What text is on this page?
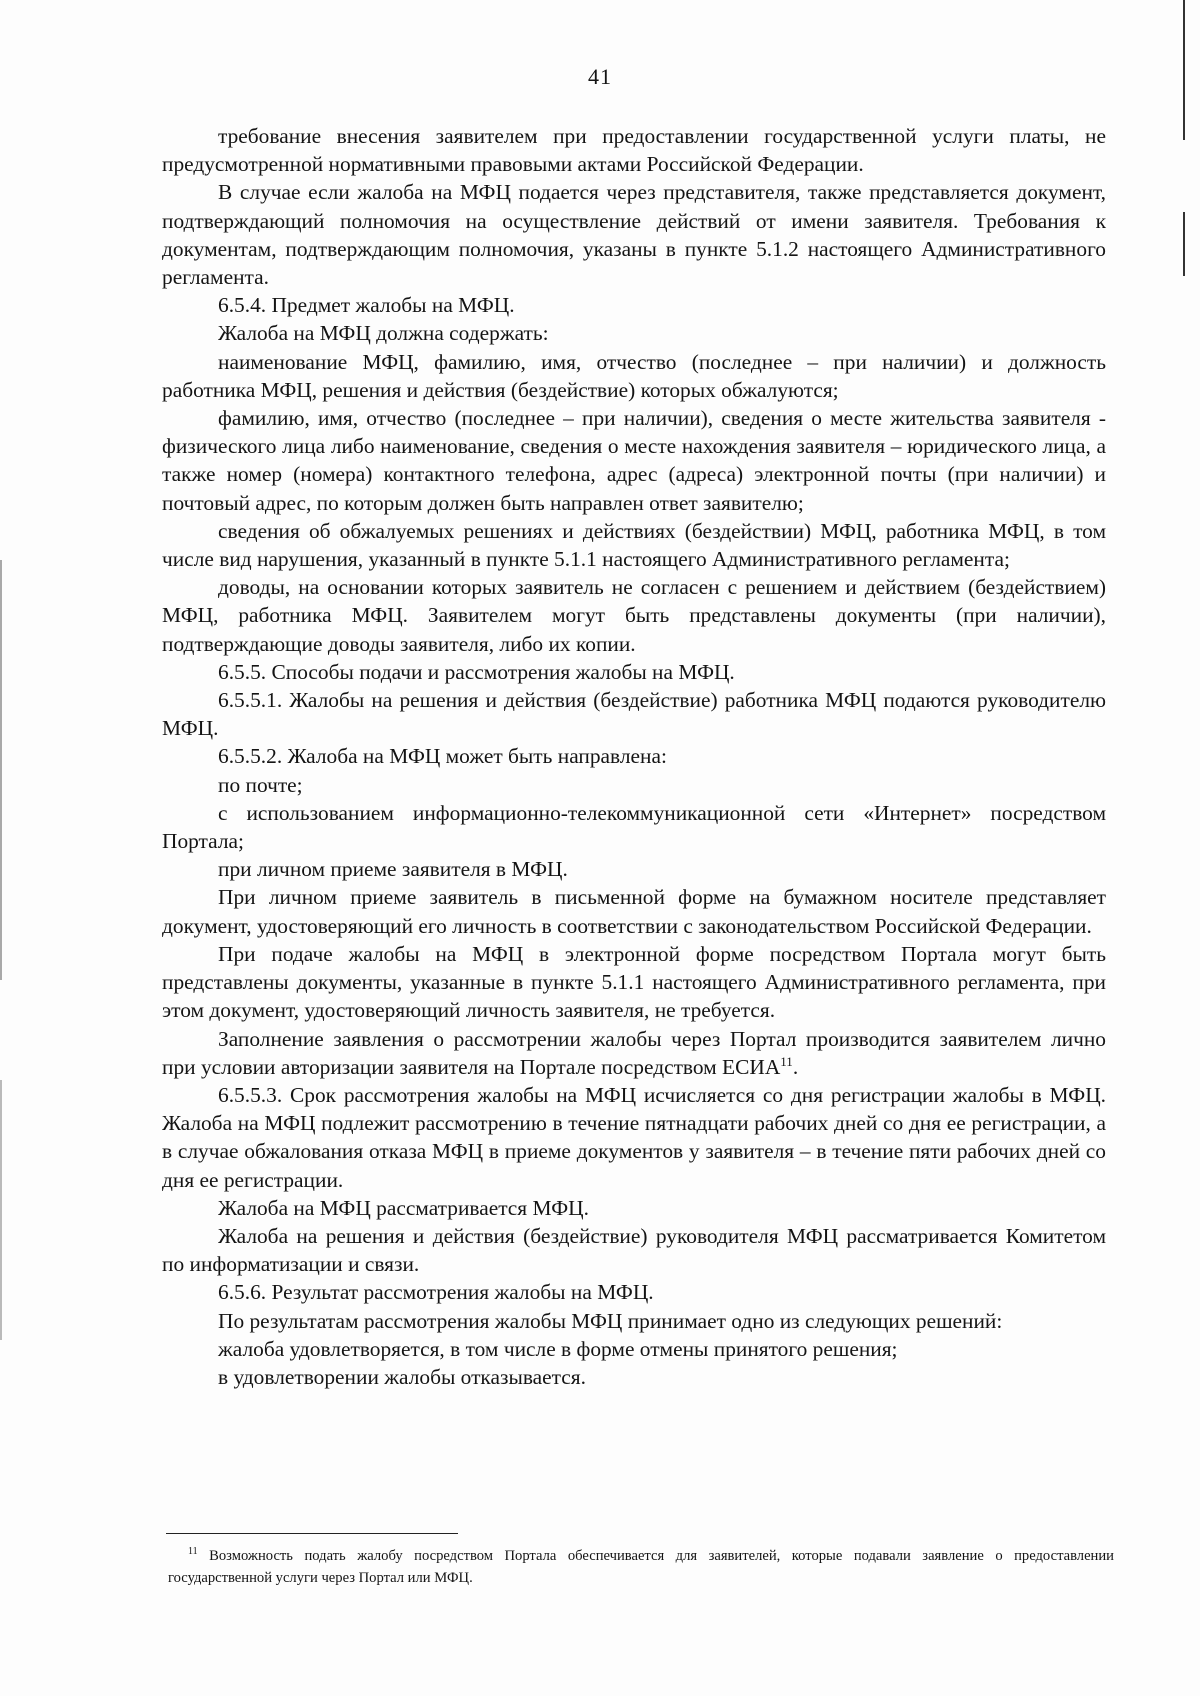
41

требование внесения заявителем при предоставлении государственной услуги платы, не предусмотренной нормативными правовыми актами Российской Федерации.

В случае если жалоба на МФЦ подается через представителя, также представляется документ, подтверждающий полномочия на осуществление действий от имени заявителя. Требования к документам, подтверждающим полномочия, указаны в пункте 5.1.2 настоящего Административного регламента.

6.5.4. Предмет жалобы на МФЦ.

Жалоба на МФЦ должна содержать:

наименование МФЦ, фамилию, имя, отчество (последнее – при наличии) и должность работника МФЦ, решения и действия (бездействие) которых обжалуются;

фамилию, имя, отчество (последнее – при наличии), сведения о месте жительства заявителя - физического лица либо наименование, сведения о месте нахождения заявителя – юридического лица, а также номер (номера) контактного телефона, адрес (адреса) электронной почты (при наличии) и почтовый адрес, по которым должен быть направлен ответ заявителю;

сведения об обжалуемых решениях и действиях (бездействии) МФЦ, работника МФЦ, в том числе вид нарушения, указанный в пункте 5.1.1 настоящего Административного регламента;

доводы, на основании которых заявитель не согласен с решением и действием (бездействием) МФЦ, работника МФЦ. Заявителем могут быть представлены документы (при наличии), подтверждающие доводы заявителя, либо их копии.

6.5.5. Способы подачи и рассмотрения жалобы на МФЦ.

6.5.5.1. Жалобы на решения и действия (бездействие) работника МФЦ подаются руководителю МФЦ.

6.5.5.2. Жалоба на МФЦ может быть направлена:

по почте;

с использованием информационно-телекоммуникационной сети «Интернет» посредством Портала;

при личном приеме заявителя в МФЦ.

При личном приеме заявитель в письменной форме на бумажном носителе представляет документ, удостоверяющий его личность в соответствии с законодательством Российской Федерации.

При подаче жалобы на МФЦ в электронной форме посредством Портала могут быть представлены документы, указанные в пункте 5.1.1 настоящего Административного регламента, при этом документ, удостоверяющий личность заявителя, не требуется.

Заполнение заявления о рассмотрении жалобы через Портал производится заявителем лично при условии авторизации заявителя на Портале посредством ЕСИА$^{11}$.

6.5.5.3. Срок рассмотрения жалобы на МФЦ исчисляется со дня регистрации жалобы в МФЦ. Жалоба на МФЦ подлежит рассмотрению в течение пятнадцати рабочих дней со дня ее регистрации, а в случае обжалования отказа МФЦ в приеме документов у заявителя – в течение пяти рабочих дней со дня ее регистрации.

Жалоба на МФЦ рассматривается МФЦ.

Жалоба на решения и действия (бездействие) руководителя МФЦ рассматривается Комитетом по информатизации и связи.

6.5.6. Результат рассмотрения жалобы на МФЦ.

По результатам рассмотрения жалобы МФЦ принимает одно из следующих решений:

жалоба удовлетворяется, в том числе в форме отмены принятого решения;

в удовлетворении жалобы отказывается.

$^{11}$ Возможность подать жалобу посредством Портала обеспечивается для заявителей, которые подавали заявление о предоставлении государственной услуги через Портал или МФЦ.
